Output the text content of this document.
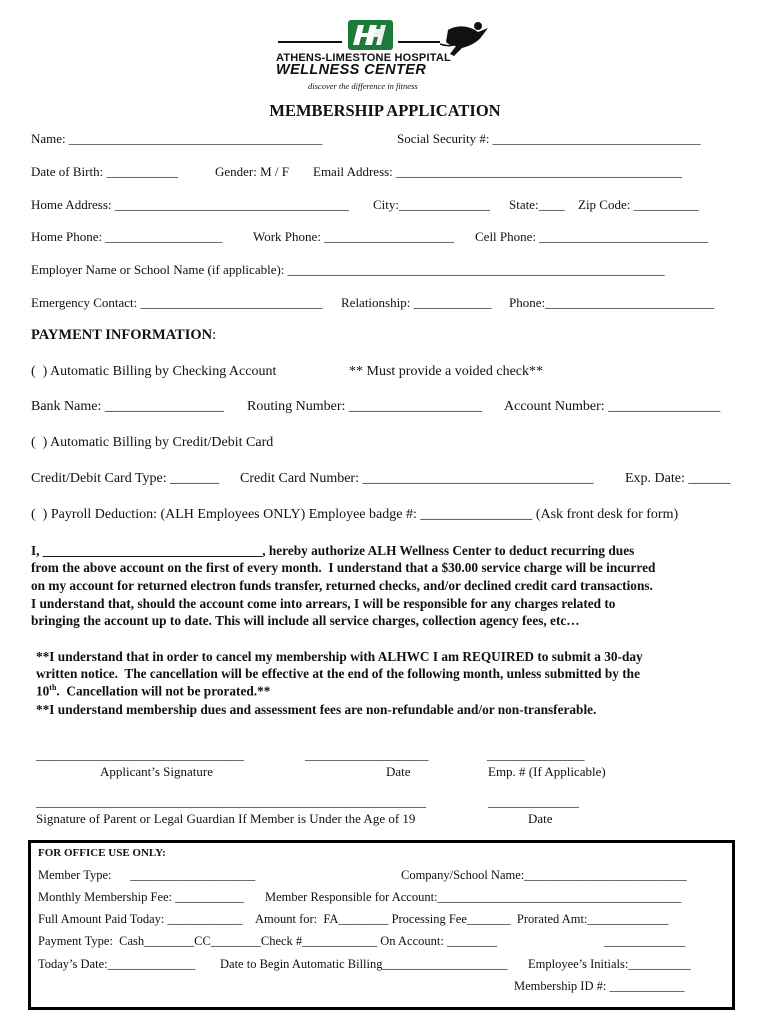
ATHENS-LIMESTONE HOSPITAL
WELLNESS CENTER
discover the difference in fitness
MEMBERSHIP APPLICATION
Name: _______________________________________	Social Security #: ________________________________
Date of Birth: ___________	Gender: M / F Email Address: ____________________________________________
Home Address: ____________________________________ City:______________ State:____ Zip Code: __________
Home Phone: __________________ Work Phone: ____________________ Cell Phone: __________________________
Employer Name or School Name (if applicable): __________________________________________________________
Emergency Contact: ____________________________ Relationship: ____________ Phone:__________________________
PAYMENT INFORMATION:
(  ) Automatic Billing by Checking Account	** Must provide a voided check**
Bank Name: _________________ Routing Number: ___________________ Account Number: ________________
(  ) Automatic Billing by Credit/Debit Card
Credit/Debit Card Type: _______ Credit Card Number: _________________________________ Exp. Date: ______
(  ) Payroll Deduction: (ALH Employees ONLY) Employee badge #: ________________ (Ask front desk for form)
I, _________________________________, hereby authorize ALH Wellness Center to deduct recurring dues
from the above account on the first of every month.  I understand that a $30.00 service charge will be incurred
on my account for returned electron funds transfer, returned checks, and/or declined credit card transactions.
I understand that, should the account come into arrears, I will be responsible for any charges related to
bringing the account up to date. This will include all service charges, collection agency fees, etc…
**I understand that in order to cancel my membership with ALHWC I am REQUIRED to submit a 30-day
written notice.  The cancellation will be effective at the end of the following month, unless submitted by the
10th.  Cancellation will not be prorated.**
**I understand membership dues and assessment fees are non-refundable and/or non-transferable.
________________________________	___________________	_______________
Applicant’s Signature	Date	Emp. # (If Applicable)
____________________________________________________________	______________
Signature of Parent or Legal Guardian If Member is Under the Age of 19	Date
FOR OFFICE USE ONLY:
Member Type:      ____________________	Company/School Name:__________________________
Monthly Membership Fee: ___________ Member Responsible for Account:_______________________________________
Full Amount Paid Today: ____________ Amount for:  FA________ Processing Fee_______  Prorated Amt:_____________
Payment Type:  Cash________CC________Check #____________ On Account: ________	_____________
Today’s Date:______________ Date to Begin Automatic Billing____________________ Employee’s Initials:__________
Membership ID #: ____________
